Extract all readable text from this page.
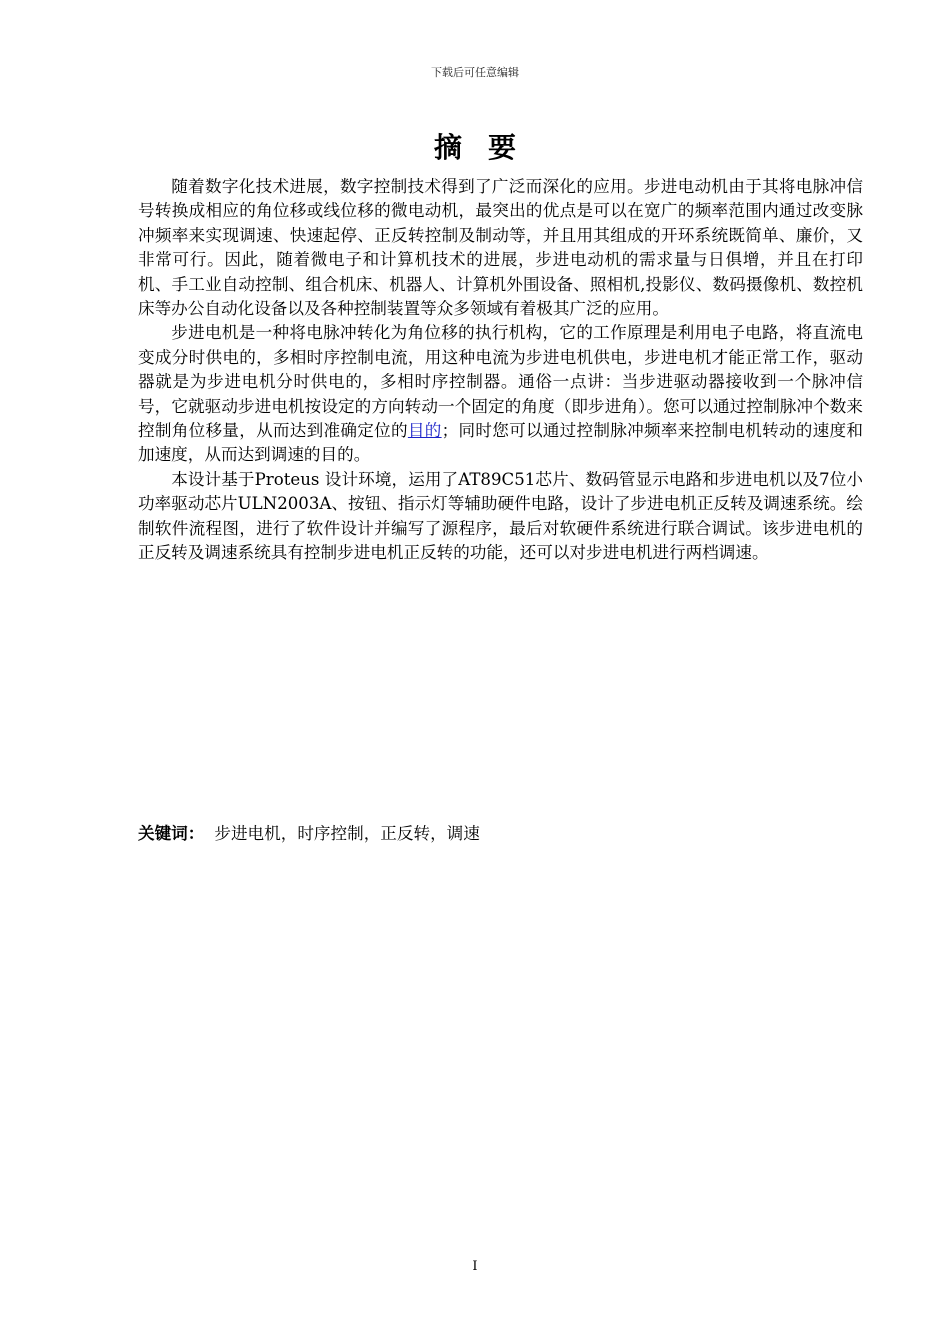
下载后可任意编辑
摘要

随着数字化技术进展，数字控制技术得到了广泛而深化的应用。步进电动机由于其将电脉冲信号转换成相应的角位移或线位移的微电动机，最突出的优点是可以在宽广的频率范围内通过改变脉冲频率来实现调速、快速起停、正反转控制及制动等，并且用其组成的开环系统既简单、廉价，又非常可行。因此，随着微电子和计算机技术的进展，步进电动机的需求量与日俱增，并且在打印机、手工业自动控制、组合机床、机器人、计算机外围设备、照相机,投影仪、数码摄像机、数控机床等办公自动化设备以及各种控制装置等众多领域有着极其广泛的应用。

步进电机是一种将电脉冲转化为角位移的执行机构，它的工作原理是利用电子电路，将直流电变成分时供电的，多相时序控制电流，用这种电流为步进电机供电，步进电机才能正常工作，驱动器就是为步进电机分时供电的，多相时序控制器。通俗一点讲：当步进驱动器接收到一个脉冲信号，它就驱动步进电机按设定的方向转动一个固定的角度（即步进角）。您可以通过控制脉冲个数来控制角位移量，从而达到准确定位的目的；同时您可以通过控制脉冲频率来控制电机转动的速度和加速度，从而达到调速的目的。

本设计基于Proteus 设计环境，运用了AT89C51芯片、数码管显示电路和步进电机以及7位小功率驱动芯片ULN2003A、按钮、指示灯等辅助硬件电路，设计了步进电机正反转及调速系统。绘制软件流程图，进行了软件设计并编写了源程序，最后对软硬件系统进行联合调试。该步进电机的正反转及调速系统具有控制步进电机正反转的功能，还可以对步进电机进行两档调速。

关键词： 步进电机，时序控制，正反转，调速
I
